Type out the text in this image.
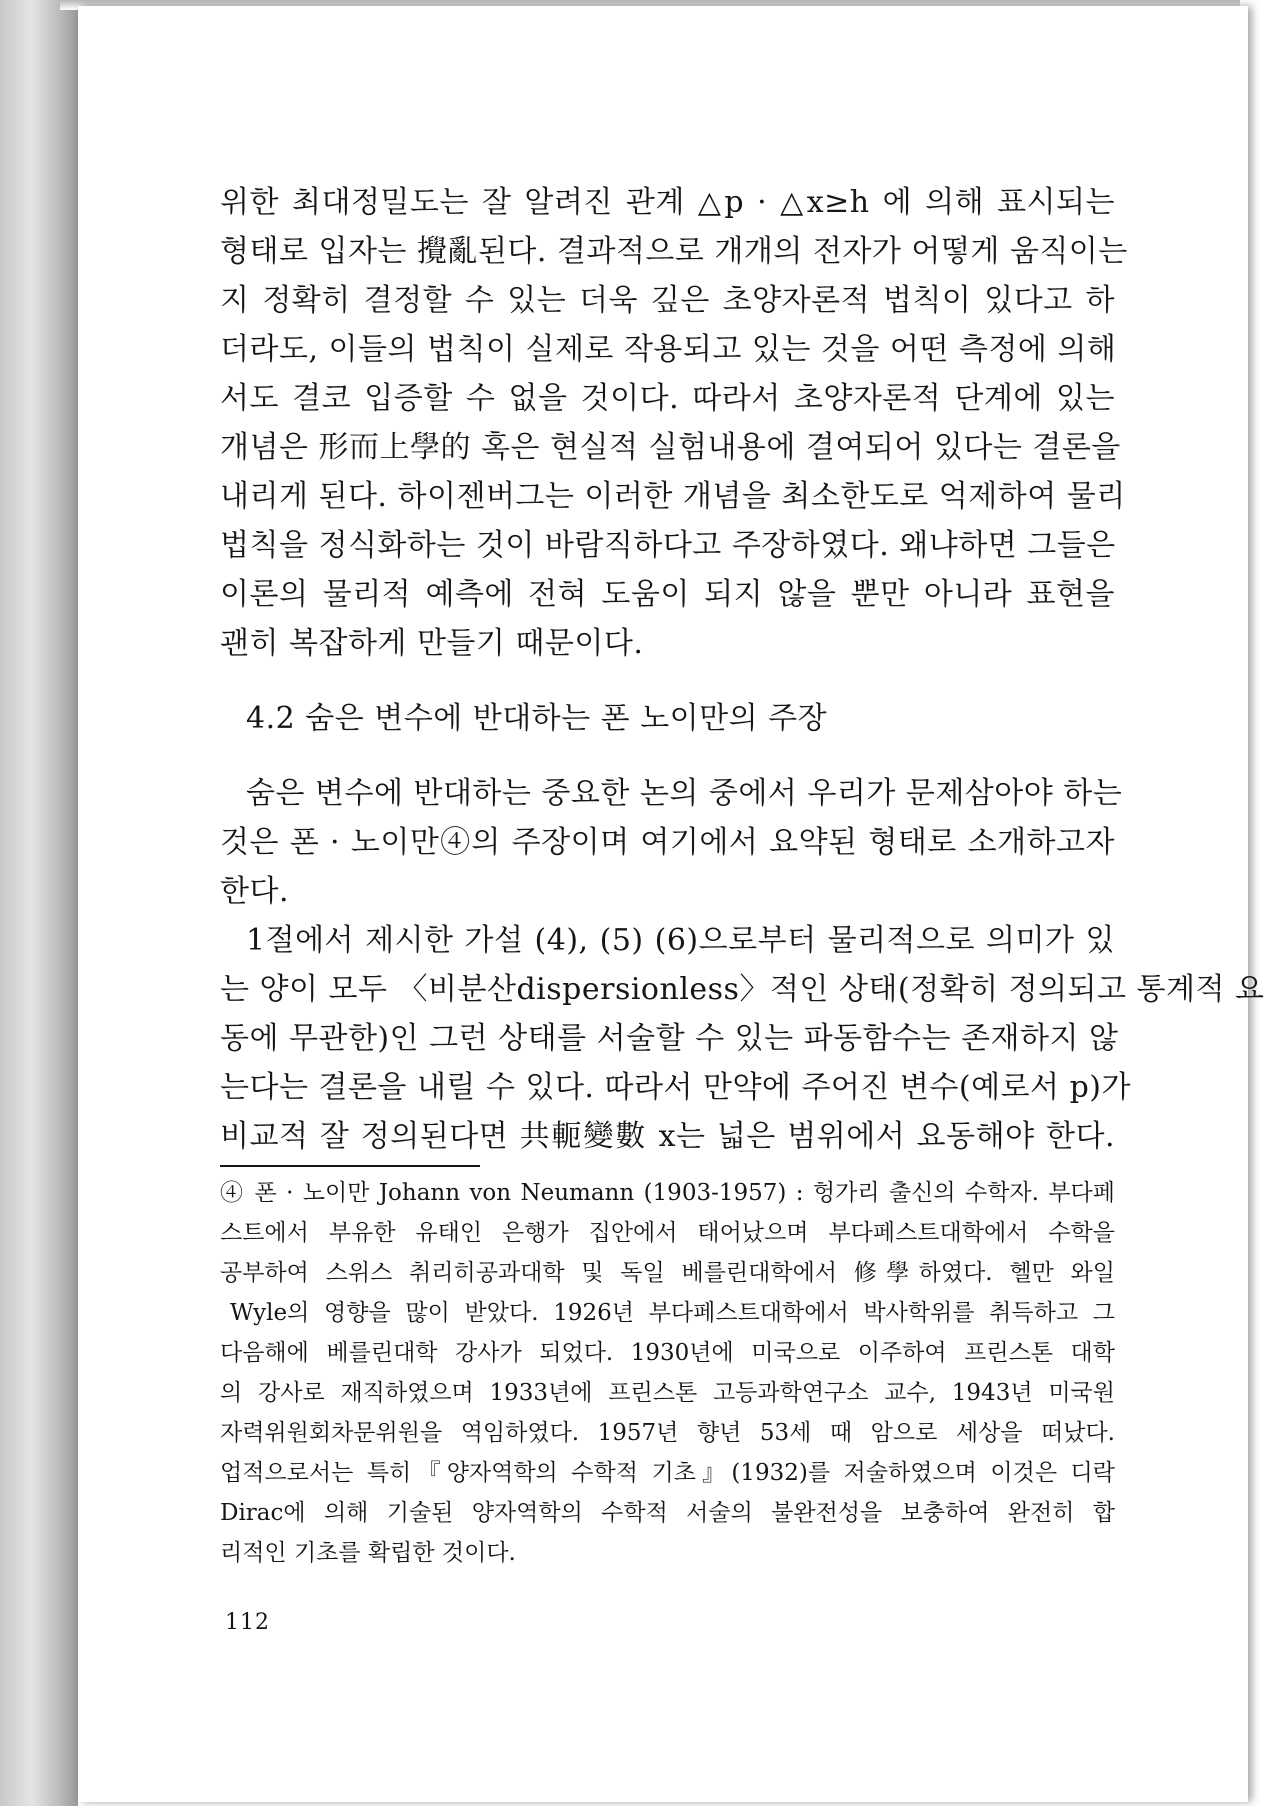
위한 최대정밀도는 잘 알려진 관계 △p · △x≥h 에 의해 표시되는
형태로 입자는 攪亂된다. 결과적으로 개개의 전자가 어떻게 움직이는
지 정확히 결정할 수 있는 더욱 깊은 초양자론적 법칙이 있다고 하
더라도, 이들의 법칙이 실제로 작용되고 있는 것을 어떤 측정에 의해
서도 결코 입증할 수 없을 것이다. 따라서 초양자론적 단계에 있는
개념은 形而上學的 혹은 현실적 실험내용에 결여되어 있다는 결론을
내리게 된다. 하이젠버그는 이러한 개념을 최소한도로 억제하여 물리
법칙을 정식화하는 것이 바람직하다고 주장하였다. 왜냐하면 그들은
이론의 물리적 예측에 전혀 도움이 되지 않을 뿐만 아니라 표현을
괜히 복잡하게 만들기 때문이다.
4.2 숨은 변수에 반대하는 폰 노이만의 주장
숨은 변수에 반대하는 중요한 논의 중에서 우리가 문제삼아야 하는
것은 폰 · 노이만④의 주장이며 여기에서 요약된 형태로 소개하고자
한다.
1절에서 제시한 가설 (4), (5) (6)으로부터 물리적으로 의미가 있
는 양이 모두 〈비분산dispersionless〉적인 상태(정확히 정의되고 통계적 요
동에 무관한)인 그런 상태를 서술할 수 있는 파동함수는 존재하지 않
는다는 결론을 내릴 수 있다. 따라서 만약에 주어진 변수(예로서 p)가
비교적 잘 정의된다면 共軛變數 x는 넓은 범위에서 요동해야 한다.
④ 폰 · 노이만 Johann von Neumann (1903-1957) : 헝가리 출신의 수학자. 부다페
스트에서 부유한 유태인 은행가 집안에서 태어났으며 부다페스트대학에서 수학을
공부하여 스위스 취리히공과대학 및 독일 베를린대학에서 修學하였다. 헬만 와일
Wyle의 영향을 많이 받았다. 1926년 부다페스트대학에서 박사학위를 취득하고 그
다음해에 베를린대학 강사가 되었다. 1930년에 미국으로 이주하여 프린스톤 대학
의 강사로 재직하였으며 1933년에 프린스톤 고등과학연구소 교수, 1943년 미국원
자력위원회차문위원을 역임하였다. 1957년 향년 53세 때 암으로 세상을 떠났다.
업적으로서는 특히『양자역학의 수학적 기초』(1932)를 저술하였으며 이것은 디락
Dirac에 의해 기술된 양자역학의 수학적 서술의 불완전성을 보충하여 완전히 합
리적인 기초를 확립한 것이다.
112
